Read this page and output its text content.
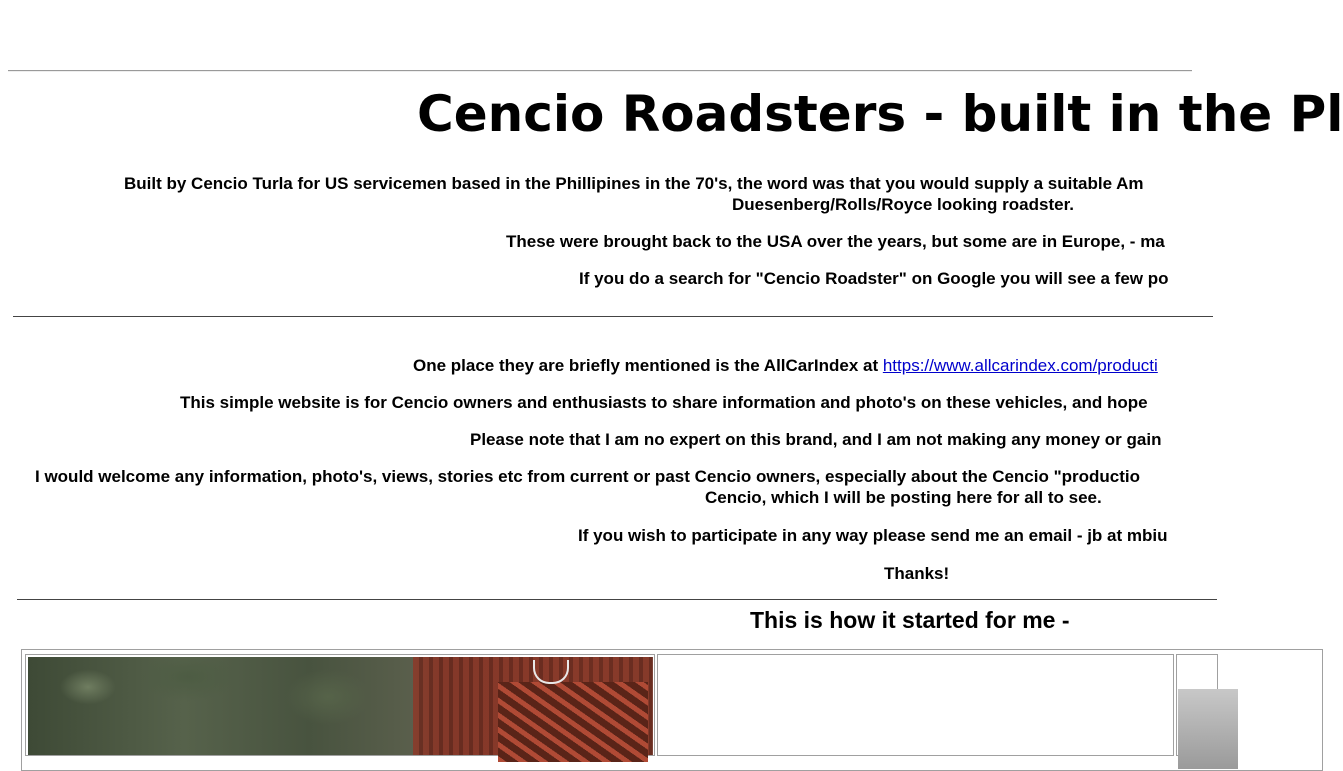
Cencio Roadsters - built in the Pl
Built by Cencio Turla for US servicemen based in the Phillipines in the 70's, the word was that you would supply a suitable Am
Duesenberg/Rolls/Royce looking roadster.
These were brought back to the USA over the years, but some are in Europe, - ma
If you do a search for "Cencio Roadster" on Google you will see a few po
One place they are briefly mentioned is the AllCarIndex at https://www.allcarindex.com/producti
This simple website is for Cencio owners and enthusiasts to share information and photo's on these vehicles, and hope
Please note that I am no expert on this brand, and I am not making any money or gain
I would welcome any information, photo's, views, stories etc from current or past Cencio owners, especially about the Cencio "productio
Cencio, which I will be posting here for all to see.
If you wish to participate in any way please send me an email - jb at mbiu
Thanks!
This is how it started for me -
